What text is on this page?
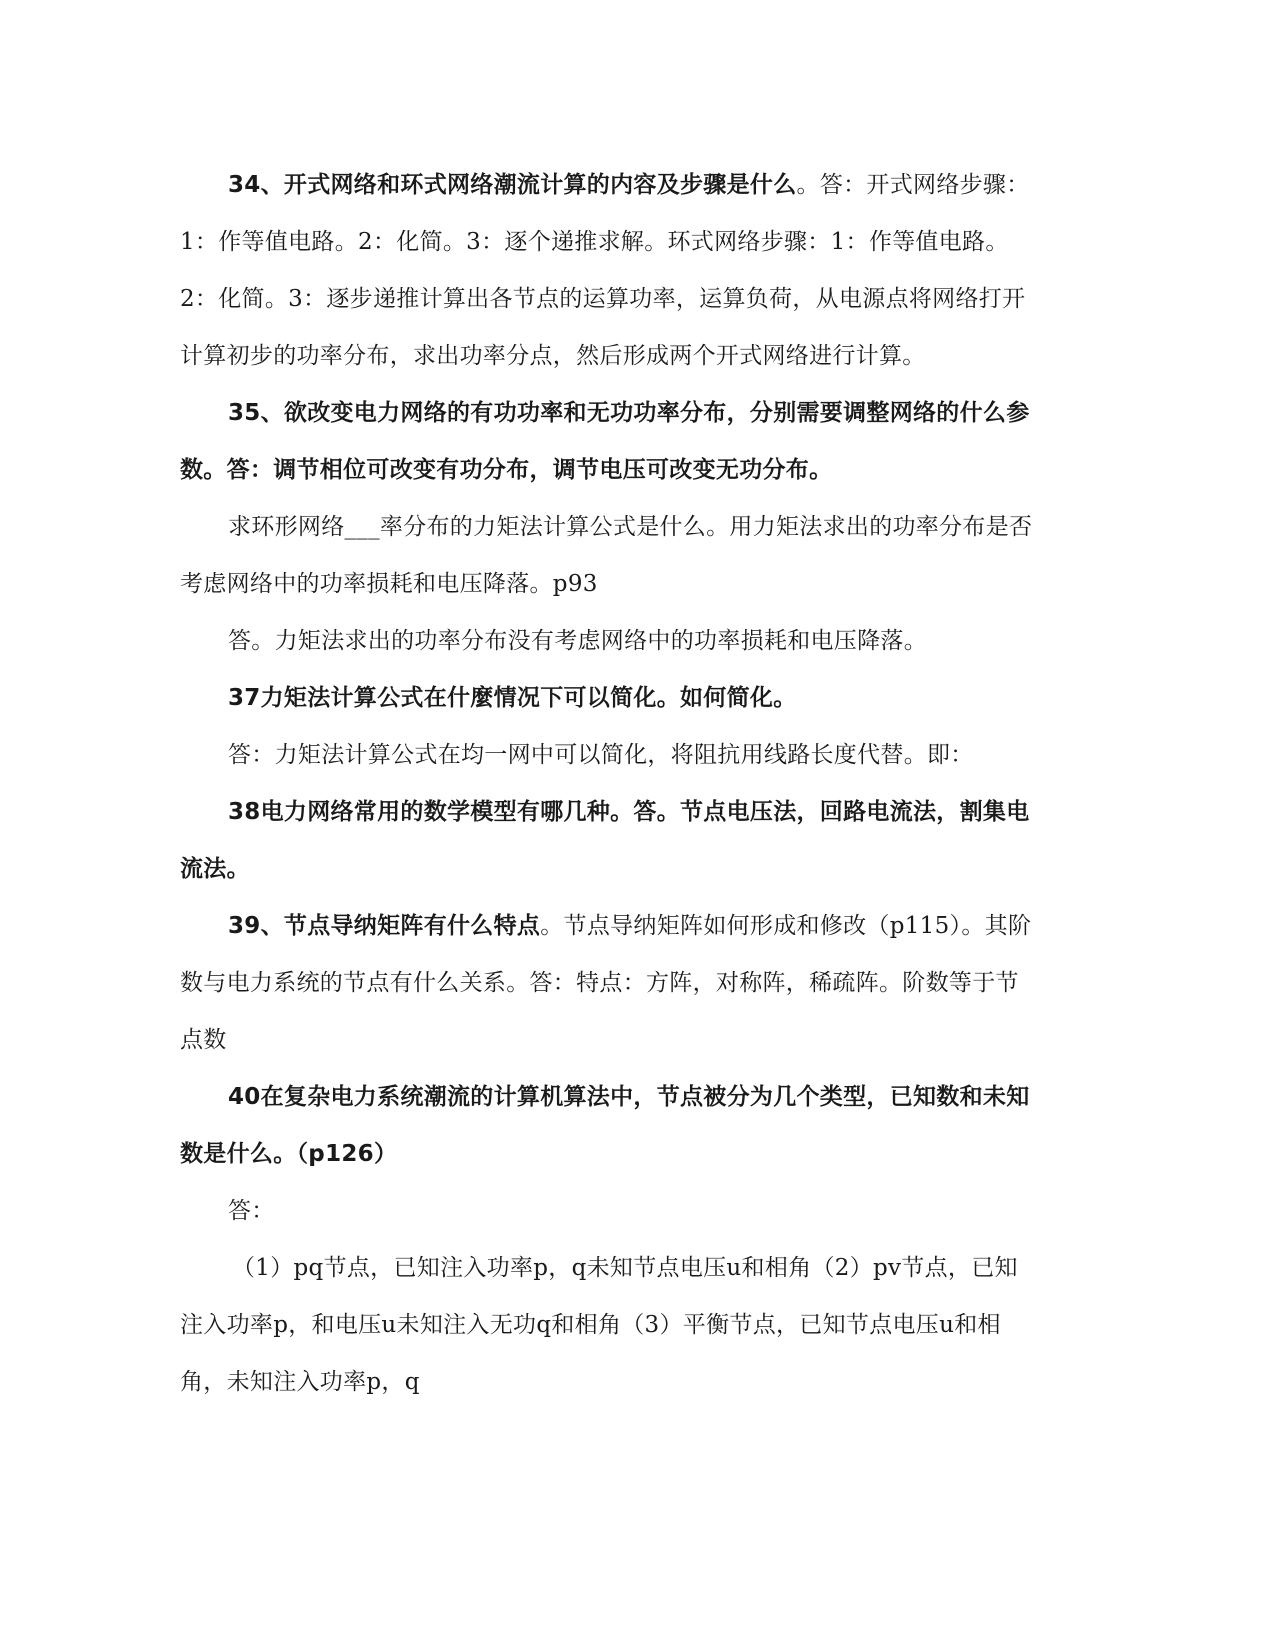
34、开式网络和环式网络潮流计算的内容及步骤是什么。答：开式网络步骤：1：作等值电路。2：化简。3：逐个递推求解。环式网络步骤：1：作等值电路。2：化简。3：逐步递推计算出各节点的运算功率，运算负荷，从电源点将网络打开计算初步的功率分布，求出功率分点，然后形成两个开式网络进行计算。

35、欲改变电力网络的有功功率和无功功率分布，分别需要调整网络的什么参数。答：调节相位可改变有功分布，调节电压可改变无功分布。

求环形网络___率分布的力矩法计算公式是什么。用力矩法求出的功率分布是否考虑网络中的功率损耗和电压降落。p93

答。力矩法求出的功率分布没有考虑网络中的功率损耗和电压降落。

37力矩法计算公式在什麼情况下可以简化。如何简化。

答：力矩法计算公式在均一网中可以简化，将阻抗用线路长度代替。即：

38电力网络常用的数学模型有哪几种。答。节点电压法，回路电流法，割集电流法。

39、节点导纳矩阵有什么特点。节点导纳矩阵如何形成和修改（p115）。其阶数与电力系统的节点有什么关系。答：特点：方阵，对称阵，稀疏阵。阶数等于节点数

40在复杂电力系统潮流的计算机算法中，节点被分为几个类型，已知数和未知数是什么。（p126）

答：

（1）pq节点，已知注入功率p，q未知节点电压u和相角（2）pv节点，已知注入功率p，和电压u未知注入无功q和相角（3）平衡节点，已知节点电压u和相角，未知注入功率p，q
